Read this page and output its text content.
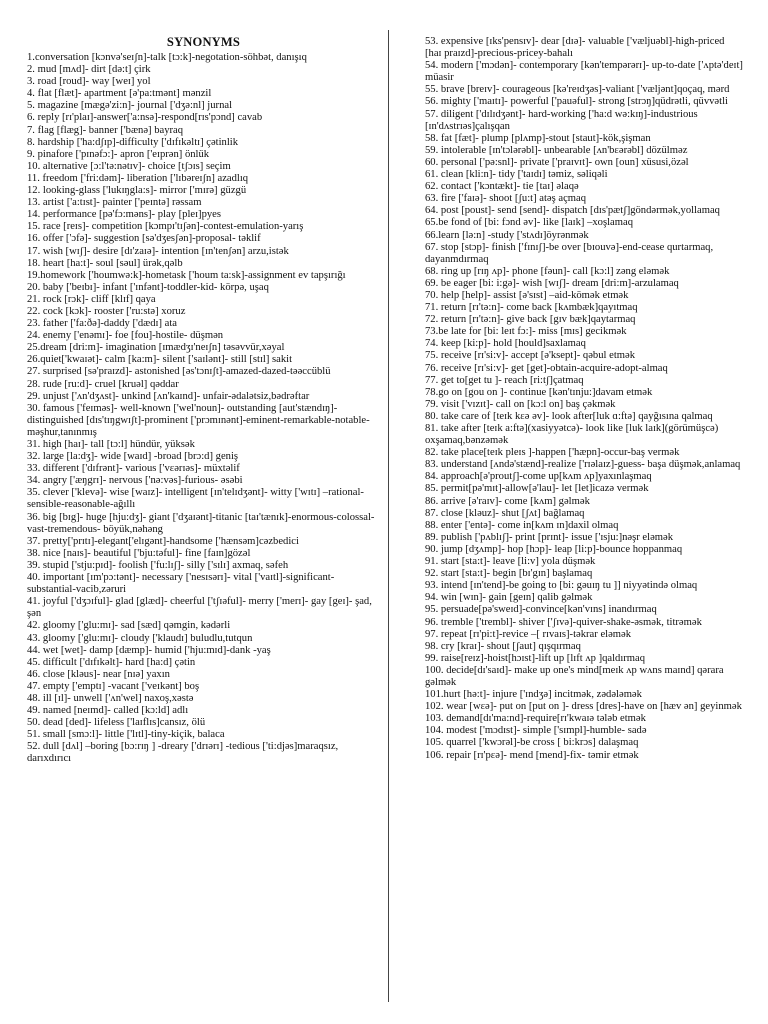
SYNONYMS

1.conversation [kɔnvə'seɪʃn]-talk [tɔ:k]-negotation-söhbət, danışıq

2. mud [mʌd]- dirt [də:t] çirk

3. road [roud]- way [weɪ] yol

4. flat [flæt]- apartment [ə'pa:tmənt] mənzil

5. magazine [mægə'zi:n]- journal ['dʒə:nl] jurnal

6. reply [rɪ'plaɪ]-answer['a:nsə]-respond[rɪs'pɔnd] cavab

7. flag [flæg]- banner ['bænə] bayraq

8. hardship ['ha:dʃɪp]-difficulty ['dɪfɪkəltɪ] çətinlik

9. pinafore ['pɪnəfɔ:]- apron ['eɪprən] önlük

10. alternative [ɔ:l'tə:nətɪv]- choice [tʃɔɪs] seçim

11. freedom ['fri:dəm]- liberation ['lɪbəreɪʃn] azadlıq

12. looking-glass ['lukɪŋgla:s]- mirror ['mɪrə] güzgü

13. artist ['a:tɪst]- painter ['peɪntə] rəssam

14. performance [pə'fɔ:məns]- play [pleɪ]pyes

15. race [reɪs]- competition [kɔmpɪ'tɪʃən]-contest-emulation-yarış

16. offer ['ɔfə]- suggestion [sə'dʒesʃən]-proposal- təklif

17. wish [wɪʃ]- desire [dɪ'zaɪə]- intention [ɪn'tenʃən] arzu,istək

18. heart [ha:t]- soul [səul] ürək,qəlb

19.homework ['houmwə:k]-hometask ['houm ta:sk]-assignment ev tapşırığı

20. baby ['beɪbɪ]- infant ['ɪnfənt]-toddler-kid- körpə, uşaq

21. rock [rɔk]- cliff [klɪf] qaya

22. cock [kɔk]- rooster ['ru:stə] xoruz

23. father ['fa:ðə]-daddy ['dædɪ] ata

24. enemy ['enəmɪ]- foe [fou]-hostile- düşmən

25.dream [dri:m]- imagination [ɪmædʒɪ'neɪʃn] təsəvvür,xəyal

26.quiet['kwaɪət]- calm [ka:m]- silent ['saɪlənt]- still [stɪl] sakit

27. surprised [sə'praɪzd]- astonished [əs'tɔnɪʃt]-amazed-dazed-təəccüblü

28. rude [ru:d]- cruel [kruəl] qəddar

29. unjust ['ʌn'dʒʌst]- unkind [ʌn'kaɪnd]- unfair-ədalətsiz,bədrəftar

30. famous ['feɪməs]- well-known ['wel'noun]- outstanding [aut'stændɪŋ]- distinguished [dɪs'tɪŋgwɪʃt]-prominent ['prɔmɪnənt]-eminent-remarkable-notable- məşhur,tanınmış

31. high [haɪ]- tall [tɔ:l] hündür, yüksək

32. large [la:dʒ]- wide [waɪd] -broad [brɔ:d] geniş

33. different ['dɪfrənt]- various ['vɛərɪəs]- müxtəlif

34. angry ['æŋgrɪ]- nervous ['nə:vəs]-furious- əsəbi

35. clever ['klevə]- wise [waɪz]- intelligent [ɪn'telɪdʒənt]- witty ['wɪtɪ] –rational-sensible-reasonable-ağıllı

36. big [bɪg]- huge [hju:dʒ]- giant ['dʒaɪənt]-titanic [taɪ'tænɪk]-enormous-colossal-vast-tremendous- böyük,nəhəng

37. pretty['prɪtɪ]-elegant['elɪgənt]-handsome ['hænsəm]cəzbedici

38. nice [naɪs]- beautiful ['bju:təful]- fine [faɪn]gözəl

39. stupid ['stju:pɪd]- foolish ['fu:lɪʃ]- silly ['sɪlɪ] axmaq, səfeh

40. important [ɪm'pɔ:tənt]- necessary ['nesɪsərɪ]- vital ['vaɪtl]-significant-substantial-vacib,zəruri

41. joyful ['dʒɔɪful]- glad [glæd]- cheerful ['tʃɪəful]- merry ['merɪ]- gay [geɪ]- şad, şən

42. gloomy ['glu:mɪ]- sad [sæd] qəmgin, kədərli

43. gloomy ['glu:mɪ]- cloudy ['klaudɪ] buludlu,tutqun

44. wet [wet]- damp [dæmp]- humid ['hju:mɪd]-dank -yaş

45. difficult ['dɪfɪkəlt]- hard [ha:d] çətin

46. close [kləus]- near [nɪə] yaxın

47. empty ['emptɪ] -vacant ['veɪkənt] boş

48. ill [ɪl]- unwell ['ʌn'wel] naxoş,xəstə

49. named [neɪmd]- called [kɔ:ld] adlı

50. dead [ded]- lifeless ['laɪflɪs]cansız, ölü

51. small [smɔ:l]- little ['lɪtl]-tiny-kiçik, balaca

52. dull [dʌl] –boring [bɔ:rɪŋ ] -dreary ['drɪərɪ] -tedious ['ti:djəs]maraqsız, darıxdırıcı

53. expensive [ɪks'pensɪv]- dear [dɪə]- valuable ['væljuəbl]-high-priced [haɪ praɪzd]-precious-pricey-bahalı

54. modern ['mɔdən]- contemporary [kən'tempərərɪ]- up-to-date ['ʌptə'deɪt] müasir

55. brave [breɪv]- courageous [kə'reɪdʒəs]-valiant ['væljənt]qoçaq, mərd

56. mighty ['maɪtɪ]- powerful ['pauəful]- strong [strɔŋ]qüdrətli, qüvvətli

57. diligent ['dɪlɪdʒənt]- hard-working ['ha:d wə:kɪŋ]-industrious [ɪn'dʌstrɪəs]çalışqan

58. fat [fæt]- plump [plʌmp]-stout [staut]-kök,şişman

59. intolerable [ɪn'tɔlərəbl]- unbearable [ʌn'bɛərəbl] dözülməz

60. personal ['pə:snl]- private ['praɪvɪt]- own [oun] xüsusi,özəl

61. clean [kli:n]- tidy ['taɪdɪ] təmiz, səliqəli

62. contact ['kɔntækt]- tie [taɪ] əlaqə

63. fire ['faɪə]- shoot [ʃu:t] atəş açmaq

64. post [poust]- send [send]- dispatch [dɪs'pætʃ]göndərmək,yollamaq

65.be fond of [bi: fɔnd əv]- like [laɪk] –xoşlamaq

66.learn [lə:n] -study ['stʌdɪ]öyrənmək

67. stop [stɔp]- finish ['fɪnɪʃ]-be over [bɪouvə]-end-cease qurtarmaq, dayanmdırmaq

68. ring up [rɪŋ ʌp]- phone [fəun]- call [kɔ:l] zəng eləmək

69. be eager [bi: i:gə]- wish [wɪʃ]- dream [dri:m]-arzulamaq

70. help [help]- assist [ə'sɪst] –aid-kömək etmək

71. return [rɪ'tə:n]- come back [kʌmbæk]qayıtmaq

72. return [rɪ'tə:n]- give back [gɪv bæk]qaytarmaq

73.be late for [bi: leɪt fɔ:]- miss [mɪs] gecikmək

74. keep [ki:p]- hold [hould]saxlamaq

75. receive [rɪ'si:v]- accept [ə'ksept]- qəbul etmək

76. receive [rɪ'si:v]- get [get]-obtain-acquire-adopt-almaq

77. get to[get tu ]- reach [ri:tʃ]çatmaq

78.go on [gou on ]- continue [kən'tɪnju:]davam etmək

79. visit ['vɪzɪt]- call on [kɔ:l on] baş çəkmək

80. take care of [teɪk kɛə əv]- look after[luk ɑ:ftə] qayğısına qalmaq

81. take after [teɪk a:ftə](xasiyyətcə)- look like [luk laɪk](görümüşcə) oxşamaq,bənzəmək

82. take place[teɪk pleɪs ]-happen ['hæpn]-occur-baş vermək

83. understand [ʌndə'stænd]-realize ['rɪəlaɪz]-guess- başa düşmək,anlamaq

84. approach[ə'proutʃ]-come up[kʌm ʌp]yaxınlaşmaq

85. permit[pə'mɪt]-allow[ə'lau]- let [let]icazə vermək

86. arrive [ə'raɪv]- come [kʌm] gəlmək

87. close [kləuz]- shut [ʃʌt] bağlamaq

88. enter ['entə]- come in[kʌm ɪn]daxil olmaq

89. publish ['pʌblɪʃ]- print [prɪnt]- issue ['ɪsju:]nəşr eləmək

90. jump [dʒʌmp]- hop [hɔp]- leap [li:p]-bounce hoppanmaq

91. start [sta:t]- leave [li:v] yola düşmək

92. start [sta:t]- begin [bɪ'gɪn] başlamaq

93. intend [ɪn'tend]-be going to [bi: gəuɪŋ tu ]] niyyətində olmaq

94. win [wɪn]- gain [geɪn] qalib gəlmək

95. persuade[pə'sweɪd]-convince[kən'vɪns] inandırmaq

96. tremble ['trembl]- shiver ['ʃɪvə]-quiver-shake-əsmək, titrəmək

97. repeat [rɪ'pi:t]-revice –[ rɪvaɪs]-təkrar eləmək

98. cry [kraɪ]- shout [ʃaut] qışqırmaq

99. raise[reɪz]-hoist[hɔɪst]-lift up [lɪft ʌp ]qaldırmaq

100. decide[dɪ'saɪd]- make up one's mind[meɪk ʌp wʌns maɪnd] qərara gəlmək

101.hurt [hə:t]- injure ['ɪndʒə] incitmək, zədələmək

102. wear [wɛə]- put on [put on ]- dress [dres]-have on [hæv ən] geyinmək

103. demand[dɪ'ma:nd]-require[rɪ'kwaɪə təlәb etmək

104. modest ['mɔdɪst]- simple ['sɪmpl]-humble- sadə

105. quarrel ['kwɔrəl]-be cross [ bi:krɔs] dalaşmaq

106. repair [rɪ'pɛə]- mend [mend]-fix- təmir etmək
